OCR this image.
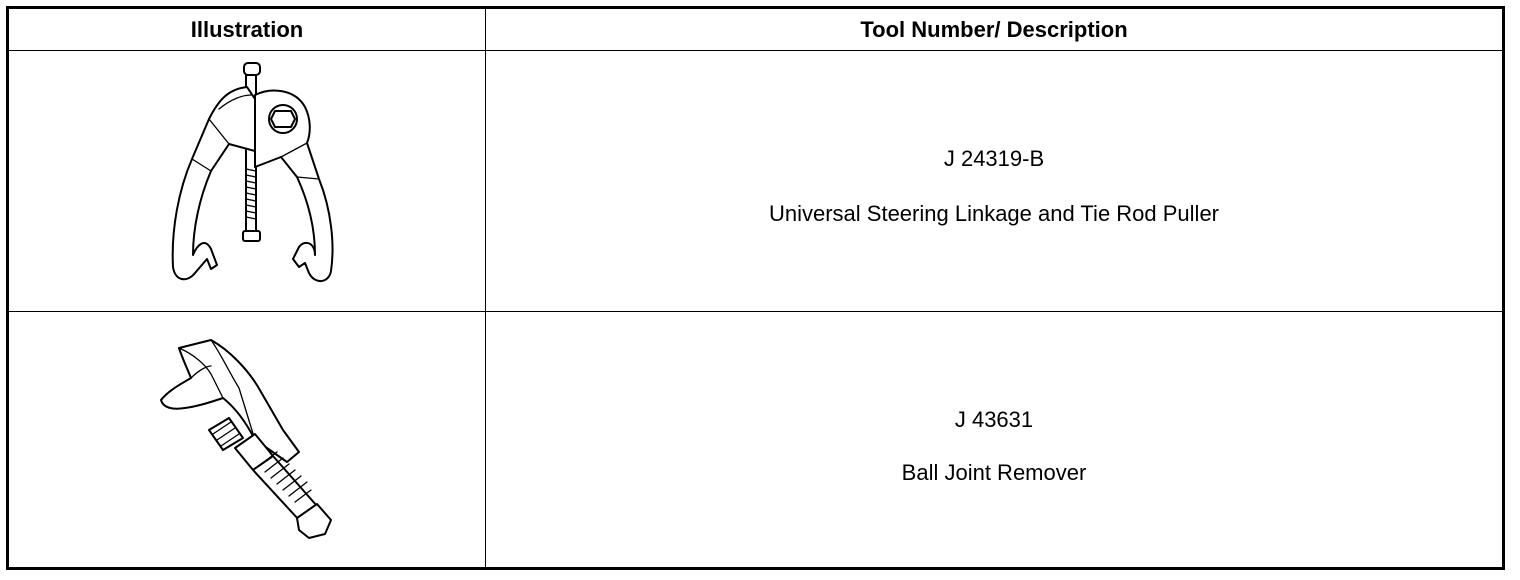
Illustration	Tool Number/ Description
J 24319-B
Universal Steering Linkage and Tie Rod Puller
J 43631
Ball Joint Remover
